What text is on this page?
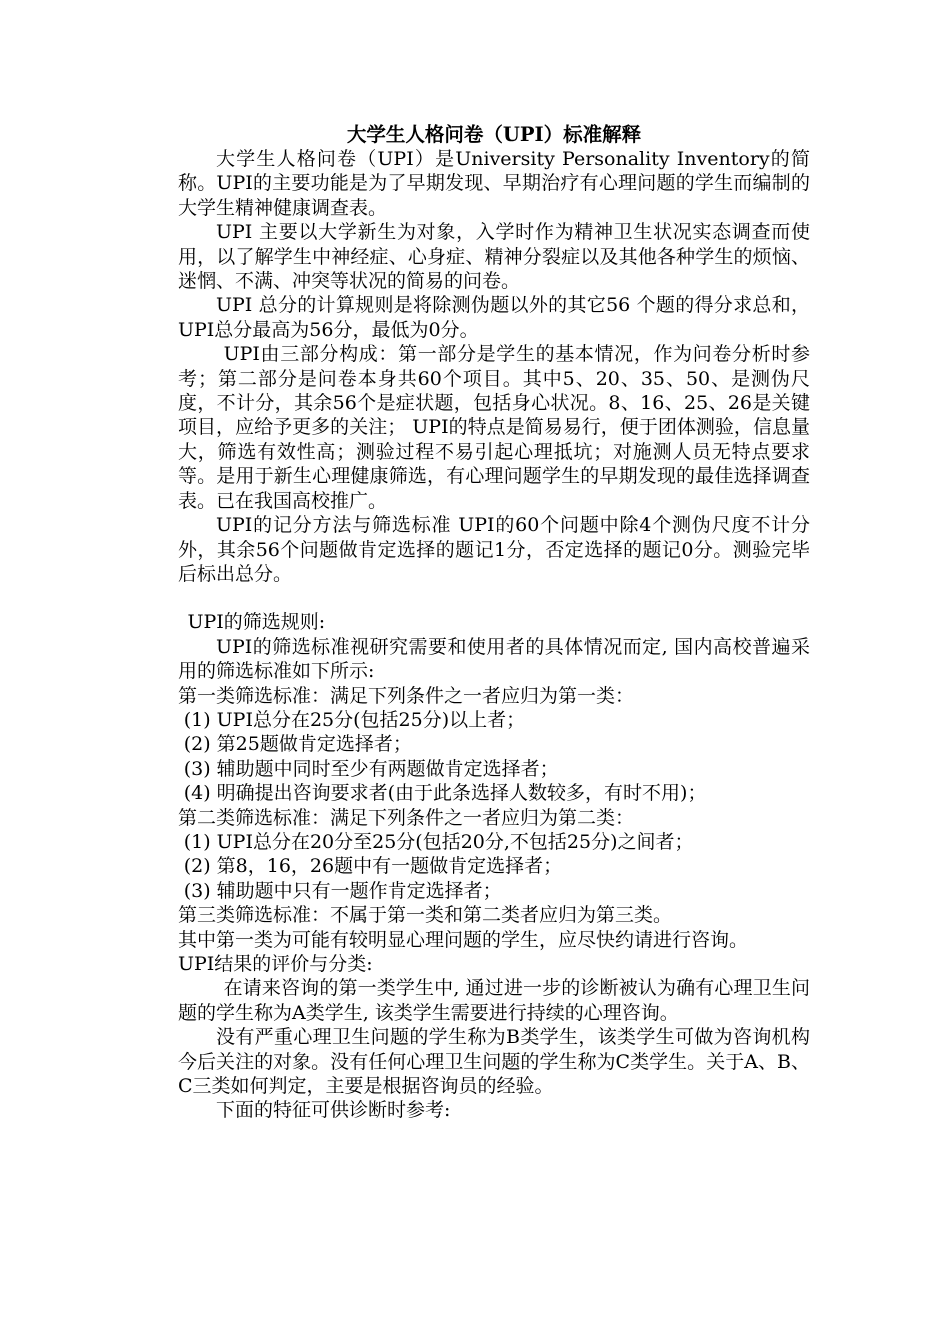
大学生人格问卷（UPI）标准解释

大学生人格问卷（UPI）是University Personality Inventory的简称。UPI的主要功能是为了早期发现、早期治疗有心理问题的学生而编制的大学生精神健康调查表。

UPI 主要以大学新生为对象，入学时作为精神卫生状况实态调查而使用，以了解学生中神经症、心身症、精神分裂症以及其他各种学生的烦恼、迷惘、不满、冲突等状况的简易的问卷。

UPI 总分的计算规则是将除测伪题以外的其它56 个题的得分求总和，UPI总分最高为56分，最低为0分。

UPI由三部分构成：第一部分是学生的基本情况，作为问卷分析时参考；第二部分是问卷本身共60个项目。其中5、20、35、50、是测伪尺度，不计分，其余56个是症状题，包括身心状况。8、16、25、26是关键项目，应给予更多的关注； UPI的特点是简易易行，便于团体测验，信息量大，筛选有效性高；测验过程不易引起心理抵坑；对施测人员无特点要求等。是用于新生心理健康筛选，有心理问题学生的早期发现的最佳选择调查表。已在我国高校推广。

UPI的记分方法与筛选标准 UPI的60个问题中除4个测伪尺度不计分外，其余56个问题做肯定选择的题记1分，否定选择的题记0分。测验完毕后标出总分。

UPI的筛选规则:

UPI的筛选标准视研究需要和使用者的具体情况而定, 国内高校普遍采用的筛选标准如下所示:

第一类筛选标准：满足下列条件之一者应归为第一类：

(1) UPI总分在25分(包括25分)以上者；

(2) 第25题做肯定选择者；

(3) 辅助题中同时至少有两题做肯定选择者；

(4) 明确提出咨询要求者(由于此条选择人数较多，有时不用)；

第二类筛选标准：满足下列条件之一者应归为第二类：

(1) UPI总分在20分至25分(包括20分,不包括25分)之间者；

(2) 第8，16，26题中有一题做肯定选择者；

(3) 辅助题中只有一题作肯定选择者；

第三类筛选标准：不属于第一类和第二类者应归为第三类。

其中第一类为可能有较明显心理问题的学生，应尽快约请进行咨询。

UPI结果的评价与分类:

在请来咨询的第一类学生中, 通过进一步的诊断被认为确有心理卫生问题的学生称为A类学生, 该类学生需要进行持续的心理咨询。

没有严重心理卫生问题的学生称为B类学生，该类学生可做为咨询机构今后关注的对象。没有任何心理卫生问题的学生称为C类学生。关于A、B、C三类如何判定，主要是根据咨询员的经验。

下面的特征可供诊断时参考:
